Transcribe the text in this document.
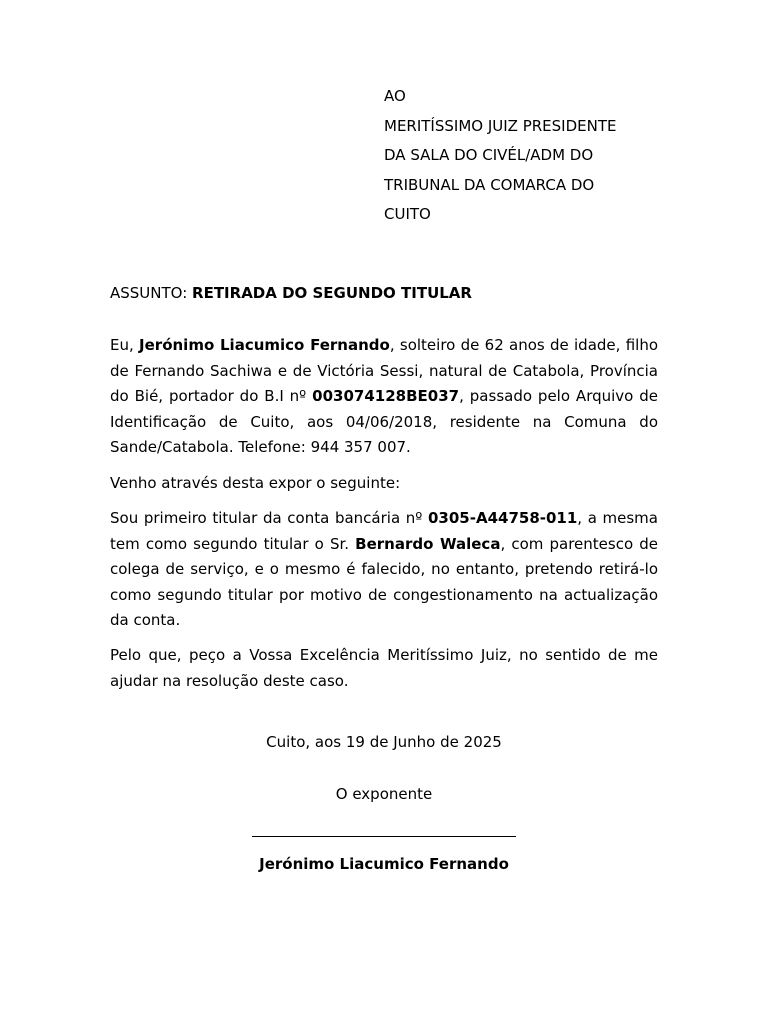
AO
MERITÍSSIMO JUIZ PRESIDENTE
DA SALA DO CIVÉL/ADM DO
TRIBUNAL DA COMARCA DO
CUITO
ASSUNTO: RETIRADA DO SEGUNDO TITULAR

Eu, Jerónimo Liacumico Fernando, solteiro de 62 anos de idade, filho de Fernando Sachiwa e de Victória Sessi, natural de Catabola, Província do Bié, portador do B.I nº 003074128BE037, passado pelo Arquivo de Identificação de Cuito, aos 04/06/2018, residente na Comuna do Sande/Catabola. Telefone: 944 357 007.

Venho através desta expor o seguinte:

Sou primeiro titular da conta bancária nº 0305-A44758-011, a mesma tem como segundo titular o Sr. Bernardo Waleca, com parentesco de colega de serviço, e o mesmo é falecido, no entanto, pretendo retirá-lo como segundo titular por motivo de congestionamento na actualização da conta.

Pelo que, peço a Vossa Excelência Meritíssimo Juiz, no sentido de me ajudar na resolução deste caso.

Cuito, aos 19 de Junho de 2025
O exponente
Jerónimo Liacumico Fernando
